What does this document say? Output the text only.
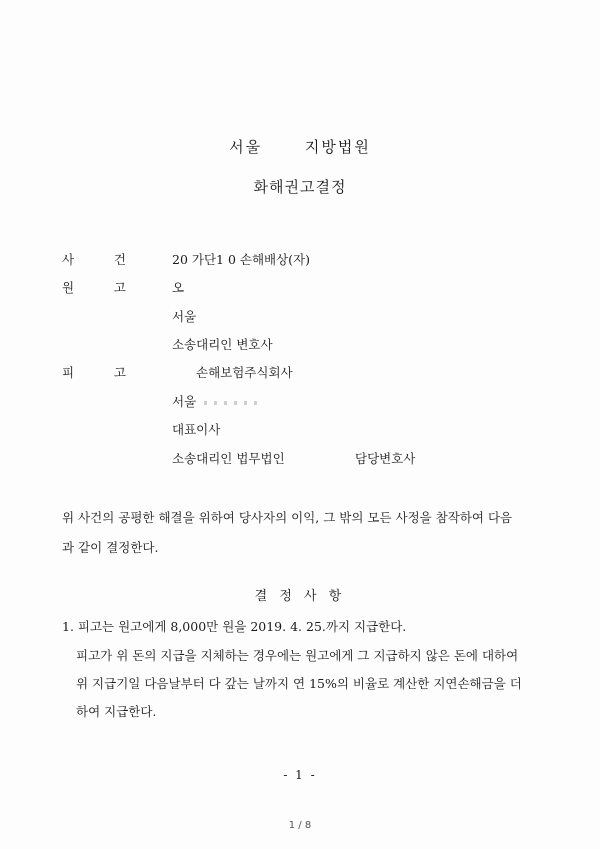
서울	지방법원
화해권고결정
사	건	20 가단1 0 손해배상(자)
원	고	오
서울
소송대리인 변호사
피	고	손해보험주식회사
서울
대표이사
소송대리인 법무법인	담당변호사
위 사건의 공평한 해결을 위하여 당사자의 이익, 그 밖의 모든 사정을 참작하여 다음
과 같이 결정한다.
결 정 사 항
1. 피고는 원고에게 8,000만 원을 2019. 4. 25.까지 지급한다.
피고가 위 돈의 지급을 지체하는 경우에는 원고에게 그 지급하지 않은 돈에 대하여
위 지급기일 다음날부터 다 갚는 날까지 연 15%의 비율로 계산한 지연손해금을 더
하여 지급한다.
- 1 -
1 / 8
